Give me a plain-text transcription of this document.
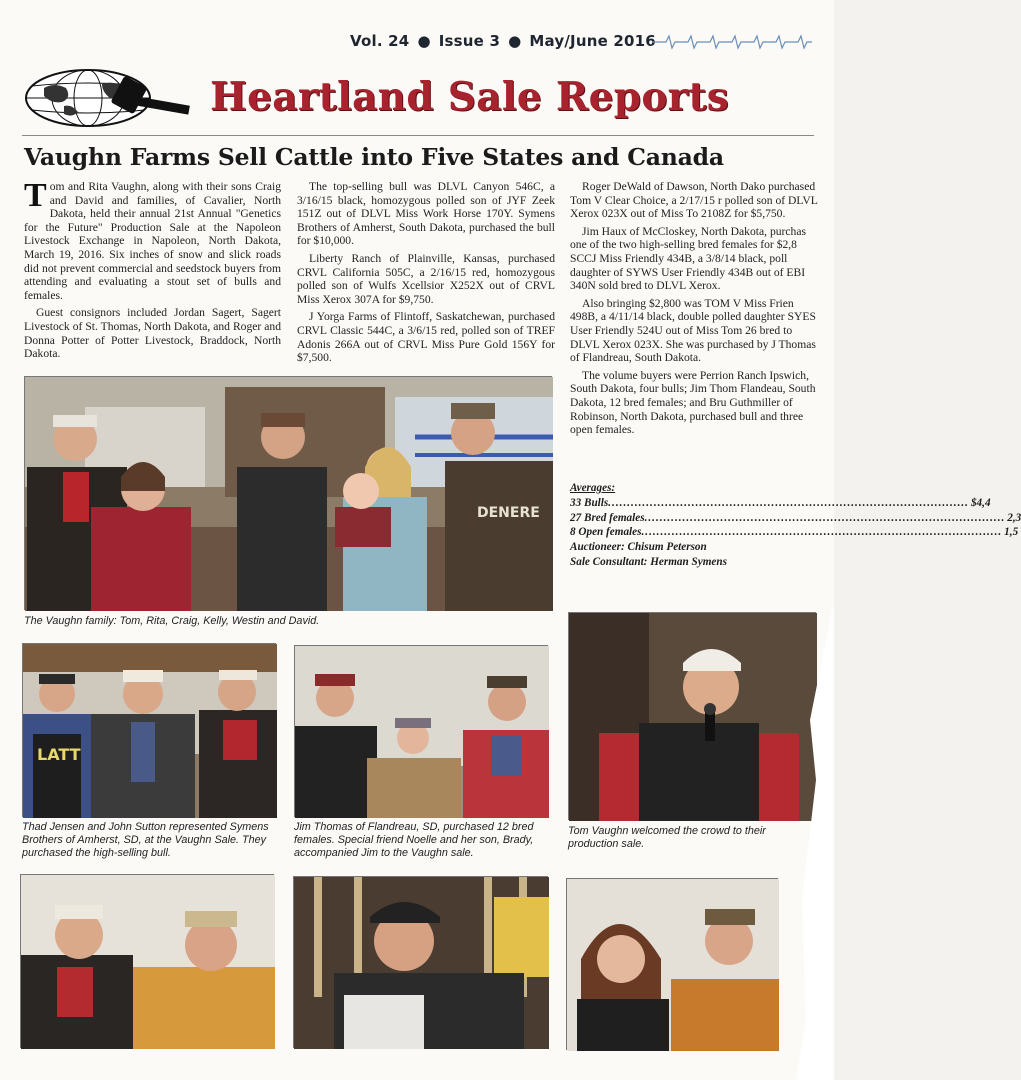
Vol. 24 ● Issue 3 ● May/June 2016
Heartland Sale Reports
Vaughn Farms Sell Cattle into Five States and Canada

Tom and Rita Vaughn, along with their sons Craig and David and families, of Cavalier, North Dakota, held their annual 21st Annual "Genetics for the Future" Production Sale at the Napoleon Livestock Exchange in Napoleon, North Dakota, March 19, 2016. Six inches of snow and slick roads did not prevent commercial and seedstock buyers from attending and evaluating a stout set of bulls and females.

Guest consignors included Jordan Sagert, Sagert Livestock of St. Thomas, North Dakota, and Roger and Donna Potter of Potter Livestock, Braddock, North Dakota.

The top-selling bull was DLVL Canyon 546C, a 3/16/15 black, homozygous polled son of JYF Zeek 151Z out of DLVL Miss Work Horse 170Y. Symens Brothers of Amherst, South Dakota, purchased the bull for $10,000.

Liberty Ranch of Plainville, Kansas, purchased CRVL California 505C, a 2/16/15 red, homozygous polled son of Wulfs Xcellsior X252X out of CRVL Miss Xerox 307A for $9,750.

J Yorga Farms of Flintoff, Saskatchewan, purchased CRVL Classic 544C, a 3/6/15 red, polled son of TREF Adonis 266A out of CRVL Miss Pure Gold 156Y for $7,500.

Roger DeWald of Dawson, North Dako purchased Tom V Clear Choice, a 2/17/15 r polled son of DLVL Xerox 023X out of Miss To 2108Z for $5,750.

Jim Haux of McCloskey, North Dakota, purchas one of the two high-selling bred females for $2,8 SCCJ Miss Friendly 434B, a 3/8/14 black, poll daughter of SYWS User Friendly 434B out of EBI 340N sold bred to DLVL Xerox.

Also bringing $2,800 was TOM V Miss Frien 498B, a 4/11/14 black, double polled daughter SYES User Friendly 524U out of Miss Tom 26 bred to DLVL Xerox 023X. She was purchased by J Thomas of Flandreau, South Dakota.

The volume buyers were Perrion Ranch Ipswich, South Dakota, four bulls; Jim Thom Flandeau, South Dakota, 12 bred females; and Bru Guthmiller of Robinson, North Dakota, purchased bull and three open females.

Averages:
33 Bulls ............................................................................................... $4,4
27 Bred females ............................................................................................... 2,3
8 Open females ............................................................................................... 1,5
Auctioneer: Chisum Peterson
Sale Consultant: Herman Symens
DENERE
The Vaughn family: Tom, Rita, Craig, Kelly, Westin and David.
LATT
Thad Jensen and John Sutton represented Symens Brothers of Amherst, SD, at the Vaughn Sale. They purchased the high-selling bull.
Jim Thomas of Flandreau, SD, purchased 12 bred females. Special friend Noelle and her son, Brady, accompanied Jim to the Vaughn sale.
Tom Vaughn welcomed the crowd to their production sale.
